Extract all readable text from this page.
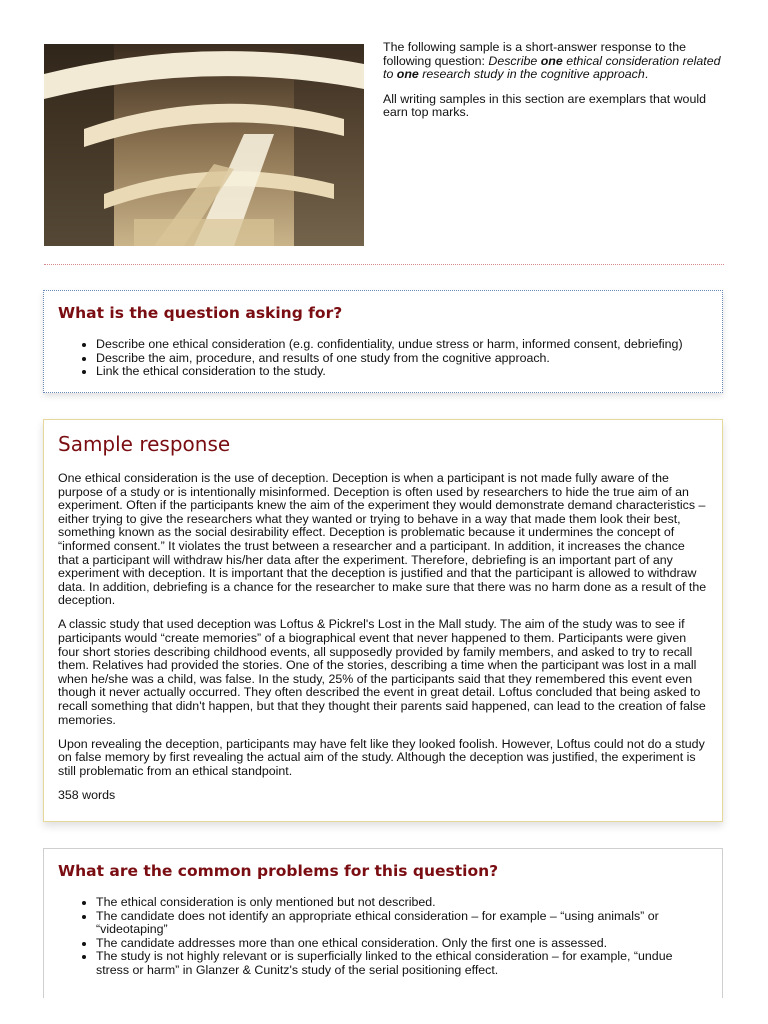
The following sample is a short-answer response to the following question: Describe one ethical consideration related to one research study in the cognitive approach.

All writing samples in this section are exemplars that would earn top marks.

What is the question asking for?
• Describe one ethical consideration (e.g. confidentiality, undue stress or harm, informed consent, debriefing)
• Describe the aim, procedure, and results of one study from the cognitive approach.
• Link the ethical consideration to the study.
Sample response

One ethical consideration is the use of deception. Deception is when a participant is not made fully aware of the purpose of a study or is intentionally misinformed. Deception is often used by researchers to hide the true aim of an experiment. Often if the participants knew the aim of the experiment they would demonstrate demand characteristics – either trying to give the researchers what they wanted or trying to behave in a way that made them look their best, something known as the social desirability effect. Deception is problematic because it undermines the concept of “informed consent.” It violates the trust between a researcher and a participant. In addition, it increases the chance that a participant will withdraw his/her data after the experiment. Therefore, debriefing is an important part of any experiment with deception. It is important that the deception is justified and that the participant is allowed to withdraw data. In addition, debriefing is a chance for the researcher to make sure that there was no harm done as a result of the deception.

A classic study that used deception was Loftus & Pickrel's Lost in the Mall study. The aim of the study was to see if participants would “create memories” of a biographical event that never happened to them. Participants were given four short stories describing childhood events, all supposedly provided by family members, and asked to try to recall them. Relatives had provided the stories. One of the stories, describing a time when the participant was lost in a mall when he/she was a child, was false. In the study, 25% of the participants said that they remembered this event even though it never actually occurred. They often described the event in great detail. Loftus concluded that being asked to recall something that didn't happen, but that they thought their parents said happened, can lead to the creation of false memories.

Upon revealing the deception, participants may have felt like they looked foolish. However, Loftus could not do a study on false memory by first revealing the actual aim of the study. Although the deception was justified, the experiment is still problematic from an ethical standpoint.

358 words

What are the common problems for this question?
• The ethical consideration is only mentioned but not described.
• The candidate does not identify an appropriate ethical consideration – for example – “using animals” or “videotaping”
• The candidate addresses more than one ethical consideration. Only the first one is assessed.
• The study is not highly relevant or is superficially linked to the ethical consideration – for example, “undue stress or harm” in Glanzer & Cunitz's study of the serial positioning effect.
